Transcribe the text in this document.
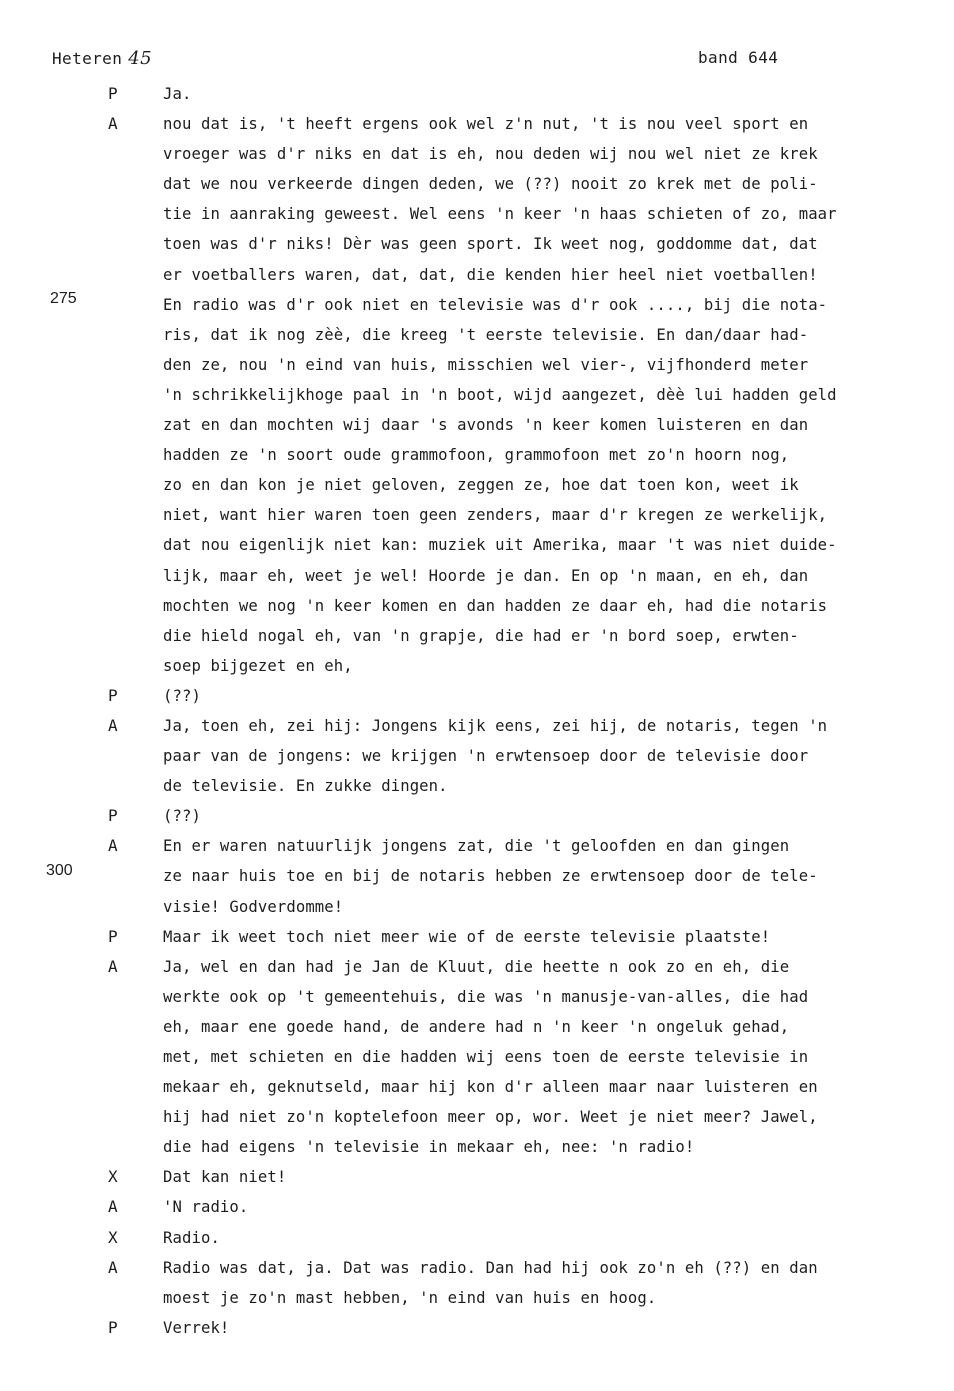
Heteren 45	band 644
275
300
P	Ja.
A	nou dat is, 't heeft ergens ook wel z'n nut, 't is nou veel sport en
vroeger was d'r niks en dat is eh, nou deden wij nou wel niet ze krek
dat we nou verkeerde dingen deden, we (??) nooit zo krek met de poli-
tie in aanraking geweest. Wel eens 'n keer 'n haas schieten of zo, maar
toen was d'r niks! Dèr was geen sport. Ik weet nog, goddomme dat, dat
er voetballers waren, dat, dat, die kenden hier heel niet voetballen!
En radio was d'r ook niet en televisie was d'r ook ...., bij die nota-
ris, dat ik nog zèè, die kreeg 't eerste televisie. En dan/daar had-
den ze, nou 'n eind van huis, misschien wel vier-, vijfhonderd meter
'n schrikkelijkhoge paal in 'n boot, wijd aangezet, dèè lui hadden geld
zat en dan mochten wij daar 's avonds 'n keer komen luisteren en dan
hadden ze 'n soort oude grammofoon, grammofoon met zo'n hoorn nog,
zo en dan kon je niet geloven, zeggen ze, hoe dat toen kon, weet ik
niet, want hier waren toen geen zenders, maar d'r kregen ze werkelijk,
dat nou eigenlijk niet kan: muziek uit Amerika, maar 't was niet duide-
lijk, maar eh, weet je wel! Hoorde je dan. En op 'n maan, en eh, dan
mochten we nog 'n keer komen en dan hadden ze daar eh, had die notaris
die hield nogal eh, van 'n grapje, die had er 'n bord soep, erwten-
soep bijgezet en eh,
P	(??)
A	Ja, toen eh, zei hij: Jongens kijk eens, zei hij, de notaris, tegen 'n
paar van de jongens: we krijgen 'n erwtensoep door de televisie door
de televisie. En zukke dingen.
P	(??)
A	En er waren natuurlijk jongens zat, die 't geloofden en dan gingen
ze naar huis toe en bij de notaris hebben ze erwtensoep door de tele-
visie! Godverdomme!
P	Maar ik weet toch niet meer wie of de eerste televisie plaatste!
A	Ja, wel en dan had je Jan de Kluut, die heette n ook zo en eh, die
werkte ook op 't gemeentehuis, die was 'n manusje-van-alles, die had
eh, maar ene goede hand, de andere had n 'n keer 'n ongeluk gehad,
met, met schieten en die hadden wij eens toen de eerste televisie in
mekaar eh, geknutseld, maar hij kon d'r alleen maar naar luisteren en
hij had niet zo'n koptelefoon meer op, wor. Weet je niet meer? Jawel,
die had eigens 'n televisie in mekaar eh, nee: 'n radio!
X	Dat kan niet!
A	'N radio.
X	Radio.
A	Radio was dat, ja. Dat was radio. Dan had hij ook zo'n eh (??) en dan
moest je zo'n mast hebben, 'n eind van huis en hoog.
P	Verrek!
